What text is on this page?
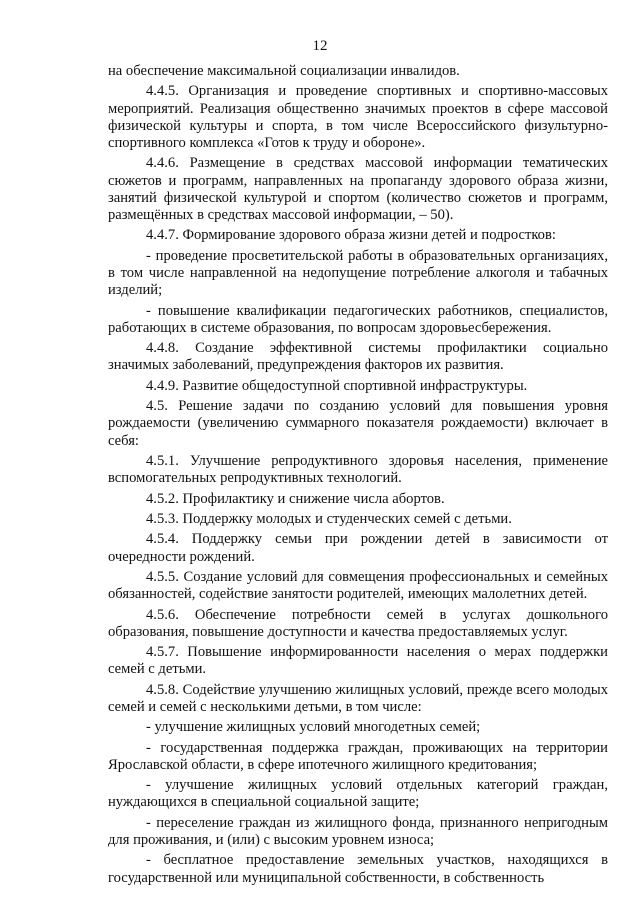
12

на обеспечение максимальной социализации инвалидов.

4.4.5. Организация и проведение спортивных и спортивно-массовых мероприятий. Реализация общественно значимых проектов в сфере массовой физической культуры и спорта, в том числе Всероссийского физультурно-спортивного комплекса «Готов к труду и обороне».

4.4.6. Размещение в средствах массовой информации тематических сюжетов и программ, направленных на пропаганду здорового образа жизни, занятий физической культурой и спортом (количество сюжетов и программ, размещённых в средствах массовой информации, – 50).

4.4.7. Формирование здорового образа жизни детей и подростков:

- проведение просветительской работы в образовательных организациях, в том числе направленной на недопущение потребление алкоголя и табачных изделий;

- повышение квалификации педагогических работников, специалистов, работающих в системе образования, по вопросам здоровьесбережения.

4.4.8. Создание эффективной системы профилактики социально значимых заболеваний, предупреждения факторов их развития.

4.4.9. Развитие общедоступной спортивной инфраструктуры.

4.5. Решение задачи по созданию условий для повышения уровня рождаемости (увеличению суммарного показателя рождаемости) включает в себя:

4.5.1. Улучшение репродуктивного здоровья населения, применение вспомогательных репродуктивных технологий.

4.5.2. Профилактику и снижение числа абортов.

4.5.3. Поддержку молодых и студенческих семей с детьми.

4.5.4. Поддержку семьи при рождении детей в зависимости от очередности рождений.

4.5.5. Создание условий для совмещения профессиональных и семейных обязанностей, содействие занятости родителей, имеющих малолетних детей.

4.5.6. Обеспечение потребности семей в услугах дошкольного образования, повышение доступности и качества предоставляемых услуг.

4.5.7. Повышение информированности населения о мерах поддержки семей с детьми.

4.5.8. Содействие улучшению жилищных условий, прежде всего молодых семей и семей с несколькими детьми, в том числе:

- улучшение жилищных условий многодетных семей;

- государственная поддержка граждан, проживающих на территории Ярославской области, в сфере ипотечного жилищного кредитования;

- улучшение жилищных условий отдельных категорий граждан, нуждающихся в специальной социальной защите;

- переселение граждан из жилищного фонда, признанного непригодным для проживания, и (или) с высоким уровнем износа;

- бесплатное предоставление земельных участков, находящихся в государственной или муниципальной собственности, в собственность
